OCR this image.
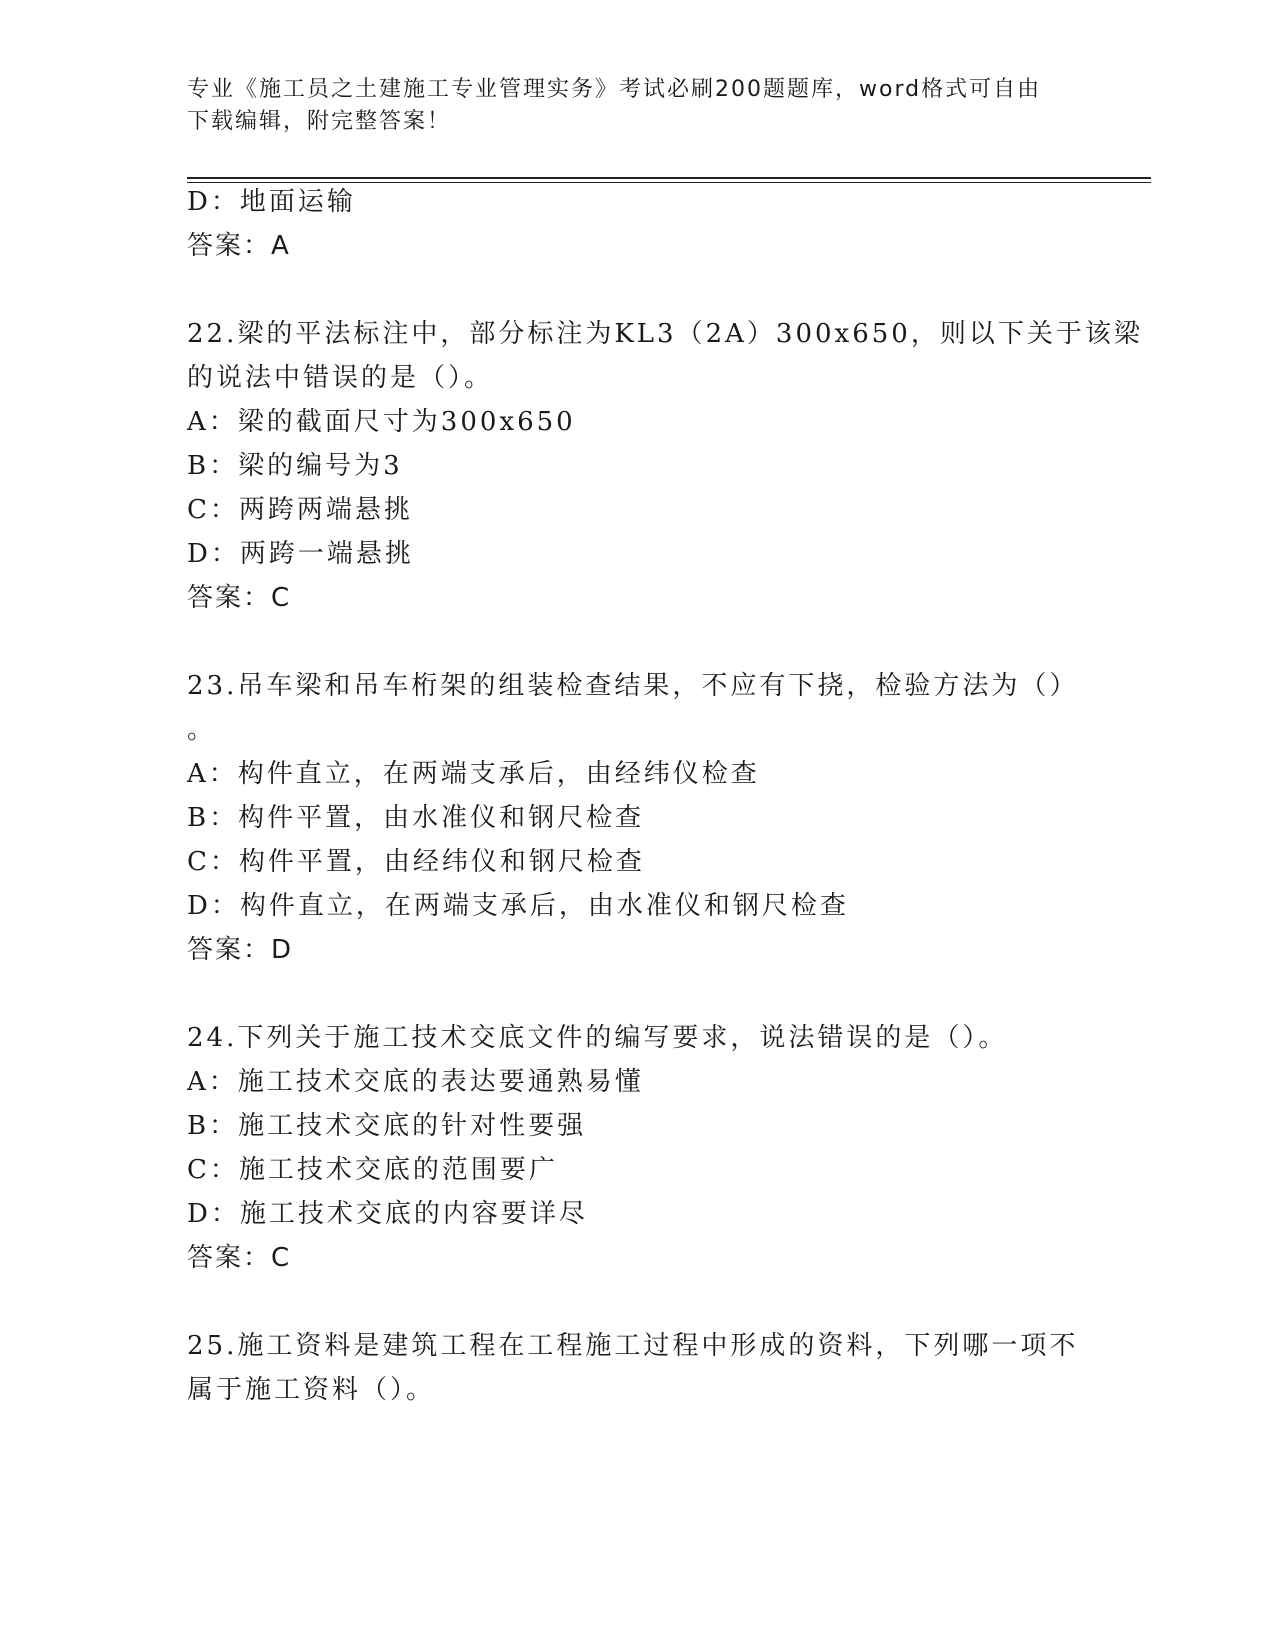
专业《施工员之土建施工专业管理实务》考试必刷200题题库，word格式可自由
下载编辑，附完整答案！
D：地面运输
答案：A
22.梁的平法标注中，部分标注为KL3（2A）300x650，则以下关于该梁
的说法中错误的是（）。
A：梁的截面尺寸为300x650
B：梁的编号为3
C：两跨两端悬挑
D：两跨一端悬挑
答案：C
23.吊车梁和吊车桁架的组装检查结果，不应有下挠，检验方法为（）
。
A：构件直立，在两端支承后，由经纬仪检查
B：构件平置，由水准仪和钢尺检查
C：构件平置，由经纬仪和钢尺检查
D：构件直立，在两端支承后，由水准仪和钢尺检查
答案：D
24.下列关于施工技术交底文件的编写要求，说法错误的是（）。
A：施工技术交底的表达要通熟易懂
B：施工技术交底的针对性要强
C：施工技术交底的范围要广
D：施工技术交底的内容要详尽
答案：C
25.施工资料是建筑工程在工程施工过程中形成的资料，下列哪一项不
属于施工资料（）。
